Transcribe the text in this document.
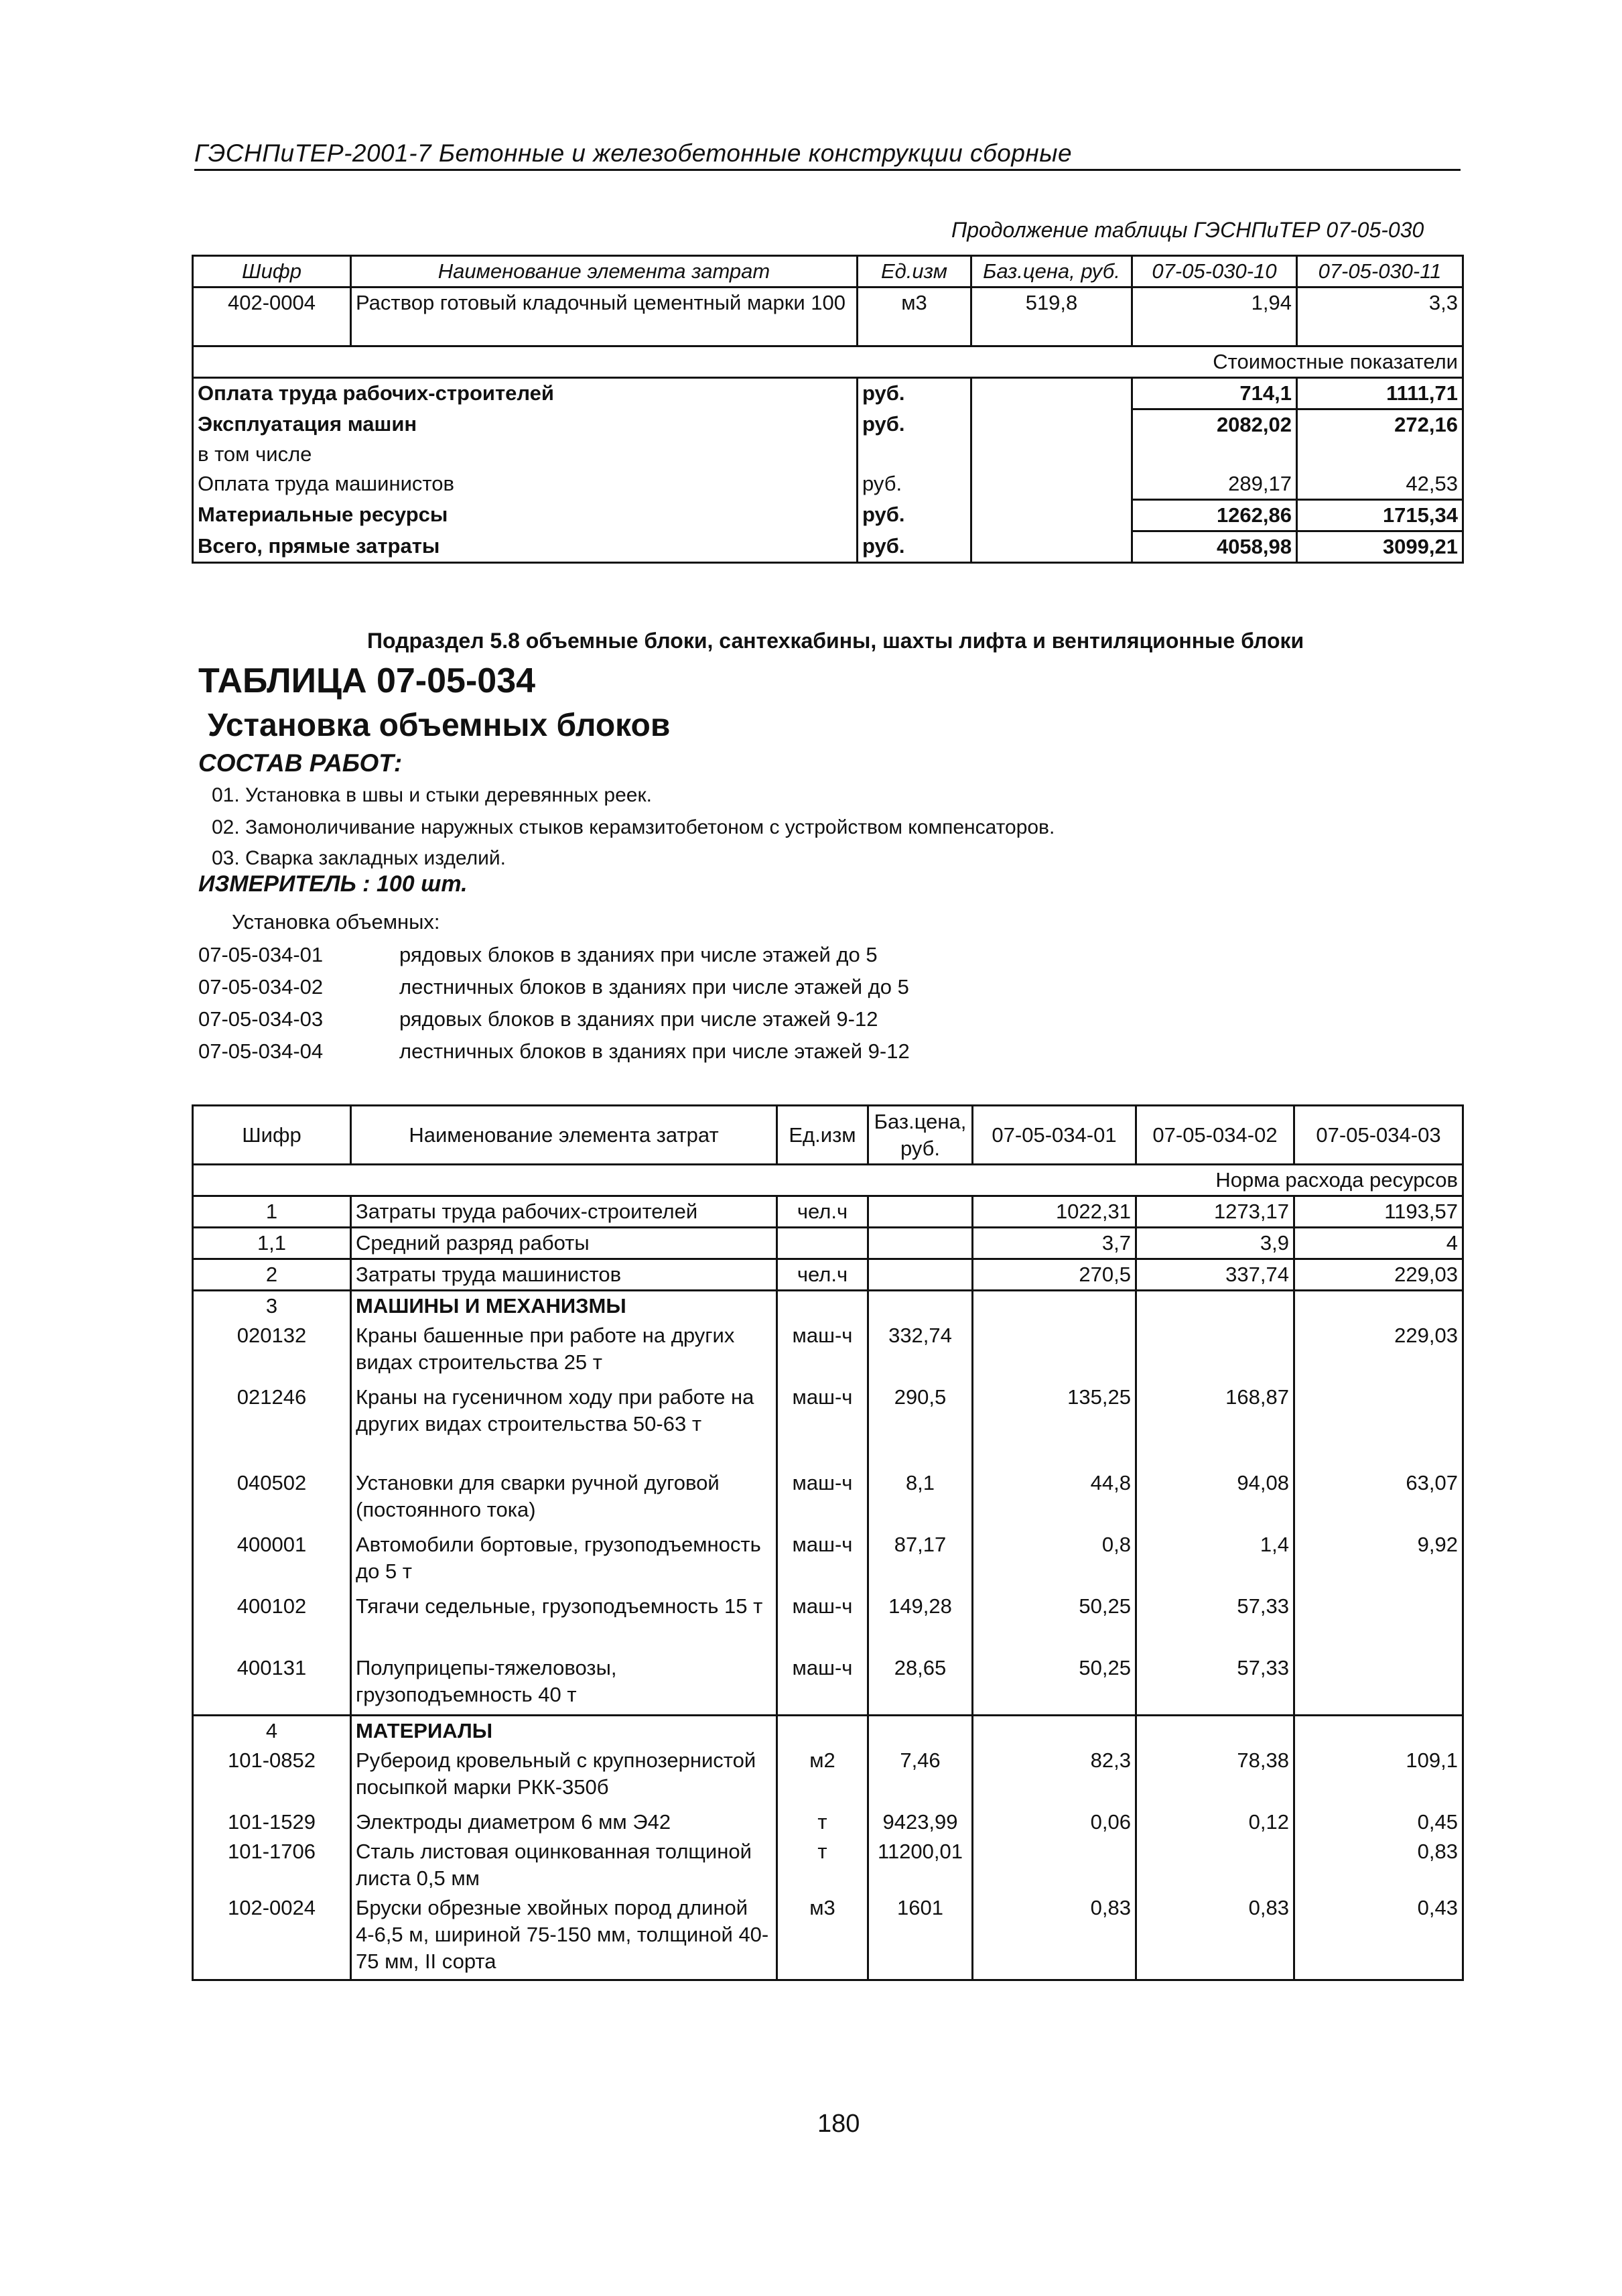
ГЭСНПиТЕР-2001-7 Бетонные и железобетонные конструкции сборные
Продолжение таблицы ГЭСНПиТЕР 07-05-030
Шифр	Наименование элемента затрат	Ед.изм	Баз.цена, руб.	07-05-030-10	07-05-030-11
402-0004	Раствор готовый кладочный цементный марки 100	м3	519,8	1,94	3,3
Стоимостные показатели					
Оплата труда рабочих-строителей		руб.		714,1	1111,71
Эксплуатация машин		руб.		2082,02	272,16
в том числе					
Оплата труда машинистов		руб.		289,17	42,53
Материальные ресурсы		руб.		1262,86	1715,34
Всего, прямые затраты		руб.		4058,98	3099,21
Подраздел 5.8 объемные блоки, сантехкабины, шахты лифта и вентиляционные блоки
ТАБЛИЦА 07-05-034
Установка объемных блоков
СОСТАВ РАБОТ:
01. Установка в швы и стыки деревянных реек.
02. Замоноличивание наружных стыков керамзитобетоном с устройством компенсаторов.
03. Сварка закладных изделий.
ИЗМЕРИТЕЛЬ : 100 шт.
Установка объемных:
07-05-034-01	рядовых блоков в зданиях при числе этажей до 5
07-05-034-02	лестничных блоков в зданиях при числе этажей до 5
07-05-034-03	рядовых блоков в зданиях при числе этажей 9-12
07-05-034-04	лестничных блоков в зданиях при числе этажей 9-12
Шифр	Наименование элемента затрат	Ед.изм	Баз.цена, руб.	07-05-034-01	07-05-034-02	07-05-034-03
Норма расхода ресурсов						
1	Затраты труда рабочих-строителей	чел.ч		1022,31	1273,17	1193,57
1,1	Средний разряд работы			3,7	3,9	4
2	Затраты труда машинистов	чел.ч		270,5	337,74	229,03
3	МАШИНЫ И МЕХАНИЗМЫ					
020132	Краны башенные при работе на других видах строительства 25 т	маш-ч	332,74			229,03
021246	Краны на гусеничном ходу при работе на других видах строительства 50-63 т	маш-ч	290,5	135,25	168,87	
040502	Установки для сварки ручной дуговой (постоянного тока)	маш-ч	8,1	44,8	94,08	63,07
400001	Автомобили бортовые, грузоподъемность до 5 т	маш-ч	87,17	0,8	1,4	9,92
400102	Тягачи седельные, грузоподъемность 15 т	маш-ч	149,28	50,25	57,33	
400131	Полуприцепы-тяжеловозы, грузоподъемность 40 т	маш-ч	28,65	50,25	57,33	
4	МАТЕРИАЛЫ					
101-0852	Рубероид кровельный с крупнозернистой посыпкой марки РКК-350б	м2	7,46	82,3	78,38	109,1
101-1529	Электроды диаметром 6 мм Э42	т	9423,99	0,06	0,12	0,45
101-1706	Сталь листовая оцинкованная толщиной листа 0,5 мм	т	11200,01			0,83
102-0024	Бруски обрезные хвойных пород длиной 4-6,5 м, шириной 75-150 мм, толщиной 40-75 мм, II сорта	м3	1601	0,83	0,83	0,43
180
